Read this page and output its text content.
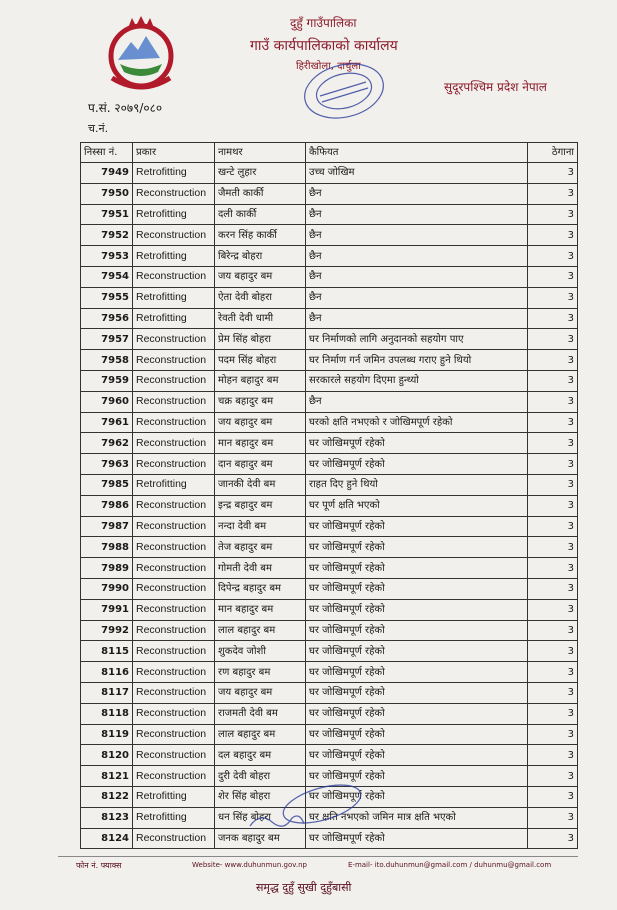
दुहुँ गाउँपालिका
गाउँ कार्यपालिकाको कार्यालय
हिरीखोला, दार्चुला
सुदूरपश्चिम प्रदेश नेपाल
प.सं. २०७९/०८०
च.नं.
निस्सा नं.	प्रकार	नामथर	कैफियत	ठेगाना
7949	Retrofitting	खन्टे लुहार	उच्च जोखिम	3
7950	Reconstruction	जैमती कार्की	छैन	3
7951	Retrofitting	दली कार्की	छैन	3
7952	Reconstruction	करन सिंह कार्की	छैन	3
7953	Retrofitting	बिरेन्द्र बोहरा	छैन	3
7954	Reconstruction	जय बहादुर बम	छैन	3
7955	Retrofitting	ऐता देवी बोहरा	छैन	3
7956	Retrofitting	रेवती देवी धामी	छैन	3
7957	Reconstruction	प्रेम सिंह बोहरा	घर निर्माणको लागि अनुदानको सहयोग पाए	3
7958	Reconstruction	पदम सिंह बोहरा	घर निर्माण गर्न जमिन उपलब्ध गराए हुने थियो	3
7959	Reconstruction	मोहन बहादुर बम	सरकारले सहयोग दिएमा हुन्थ्यो	3
7960	Reconstruction	चक्र बहादुर बम	छैन	3
7961	Reconstruction	जय बहादुर बम	घरको क्षति नभएको र जोखिमपूर्ण रहेको	3
7962	Reconstruction	मान बहादुर बम	घर जोखिमपूर्ण रहेको	3
7963	Reconstruction	दान बहादुर बम	घर जोखिमपूर्ण रहेको	3
7985	Retrofitting	जानकी देवी बम	राहत दिए हुने थियो	3
7986	Reconstruction	इन्द्र बहादुर बम	घर पूर्ण क्षति भएको	3
7987	Reconstruction	नन्दा देवी बम	घर जोखिमपूर्ण रहेको	3
7988	Reconstruction	तेज बहादुर बम	घर जोखिमपूर्ण रहेको	3
7989	Reconstruction	गोमती देवी बम	घर जोखिमपूर्ण रहेको	3
7990	Reconstruction	दिपेन्द्र बहादुर बम	घर जोखिमपूर्ण रहेको	3
7991	Reconstruction	मान बहादुर बम	घर जोखिमपूर्ण रहेको	3
7992	Reconstruction	लाल बहादुर बम	घर जोखिमपूर्ण रहेको	3
8115	Reconstruction	शुकदेव जोशी	घर जोखिमपूर्ण रहेको	3
8116	Reconstruction	रण बहादुर बम	घर जोखिमपूर्ण रहेको	3
8117	Reconstruction	जय बहादुर बम	घर जोखिमपूर्ण रहेको	3
8118	Reconstruction	राजमती देवी बम	घर जोखिमपूर्ण रहेको	3
8119	Reconstruction	लाल बहादुर बम	घर जोखिमपूर्ण रहेको	3
8120	Reconstruction	दल बहादुर बम	घर जोखिमपूर्ण रहेको	3
8121	Reconstruction	दुरी देवी बोहरा	घर जोखिमपूर्ण रहेको	3
8122	Retrofitting	शेर सिंह बोहरा	घर जोखिमपूर्ण रहेको	3
8123	Retrofitting	धन सिंह बोहरा	घर क्षति नभएको जमिन मात्र क्षति भएको	3
8124	Reconstruction	जनक बहादुर बम	घर जोखिमपूर्ण रहेको	3
फोन नं. फ्याक्स	Website- www.duhunmun.gov.np	E-mail- ito.duhunmun@gmail.com / duhunmu@gmail.com
समृद्ध दुहुँ सुखी दुहुँबासी
